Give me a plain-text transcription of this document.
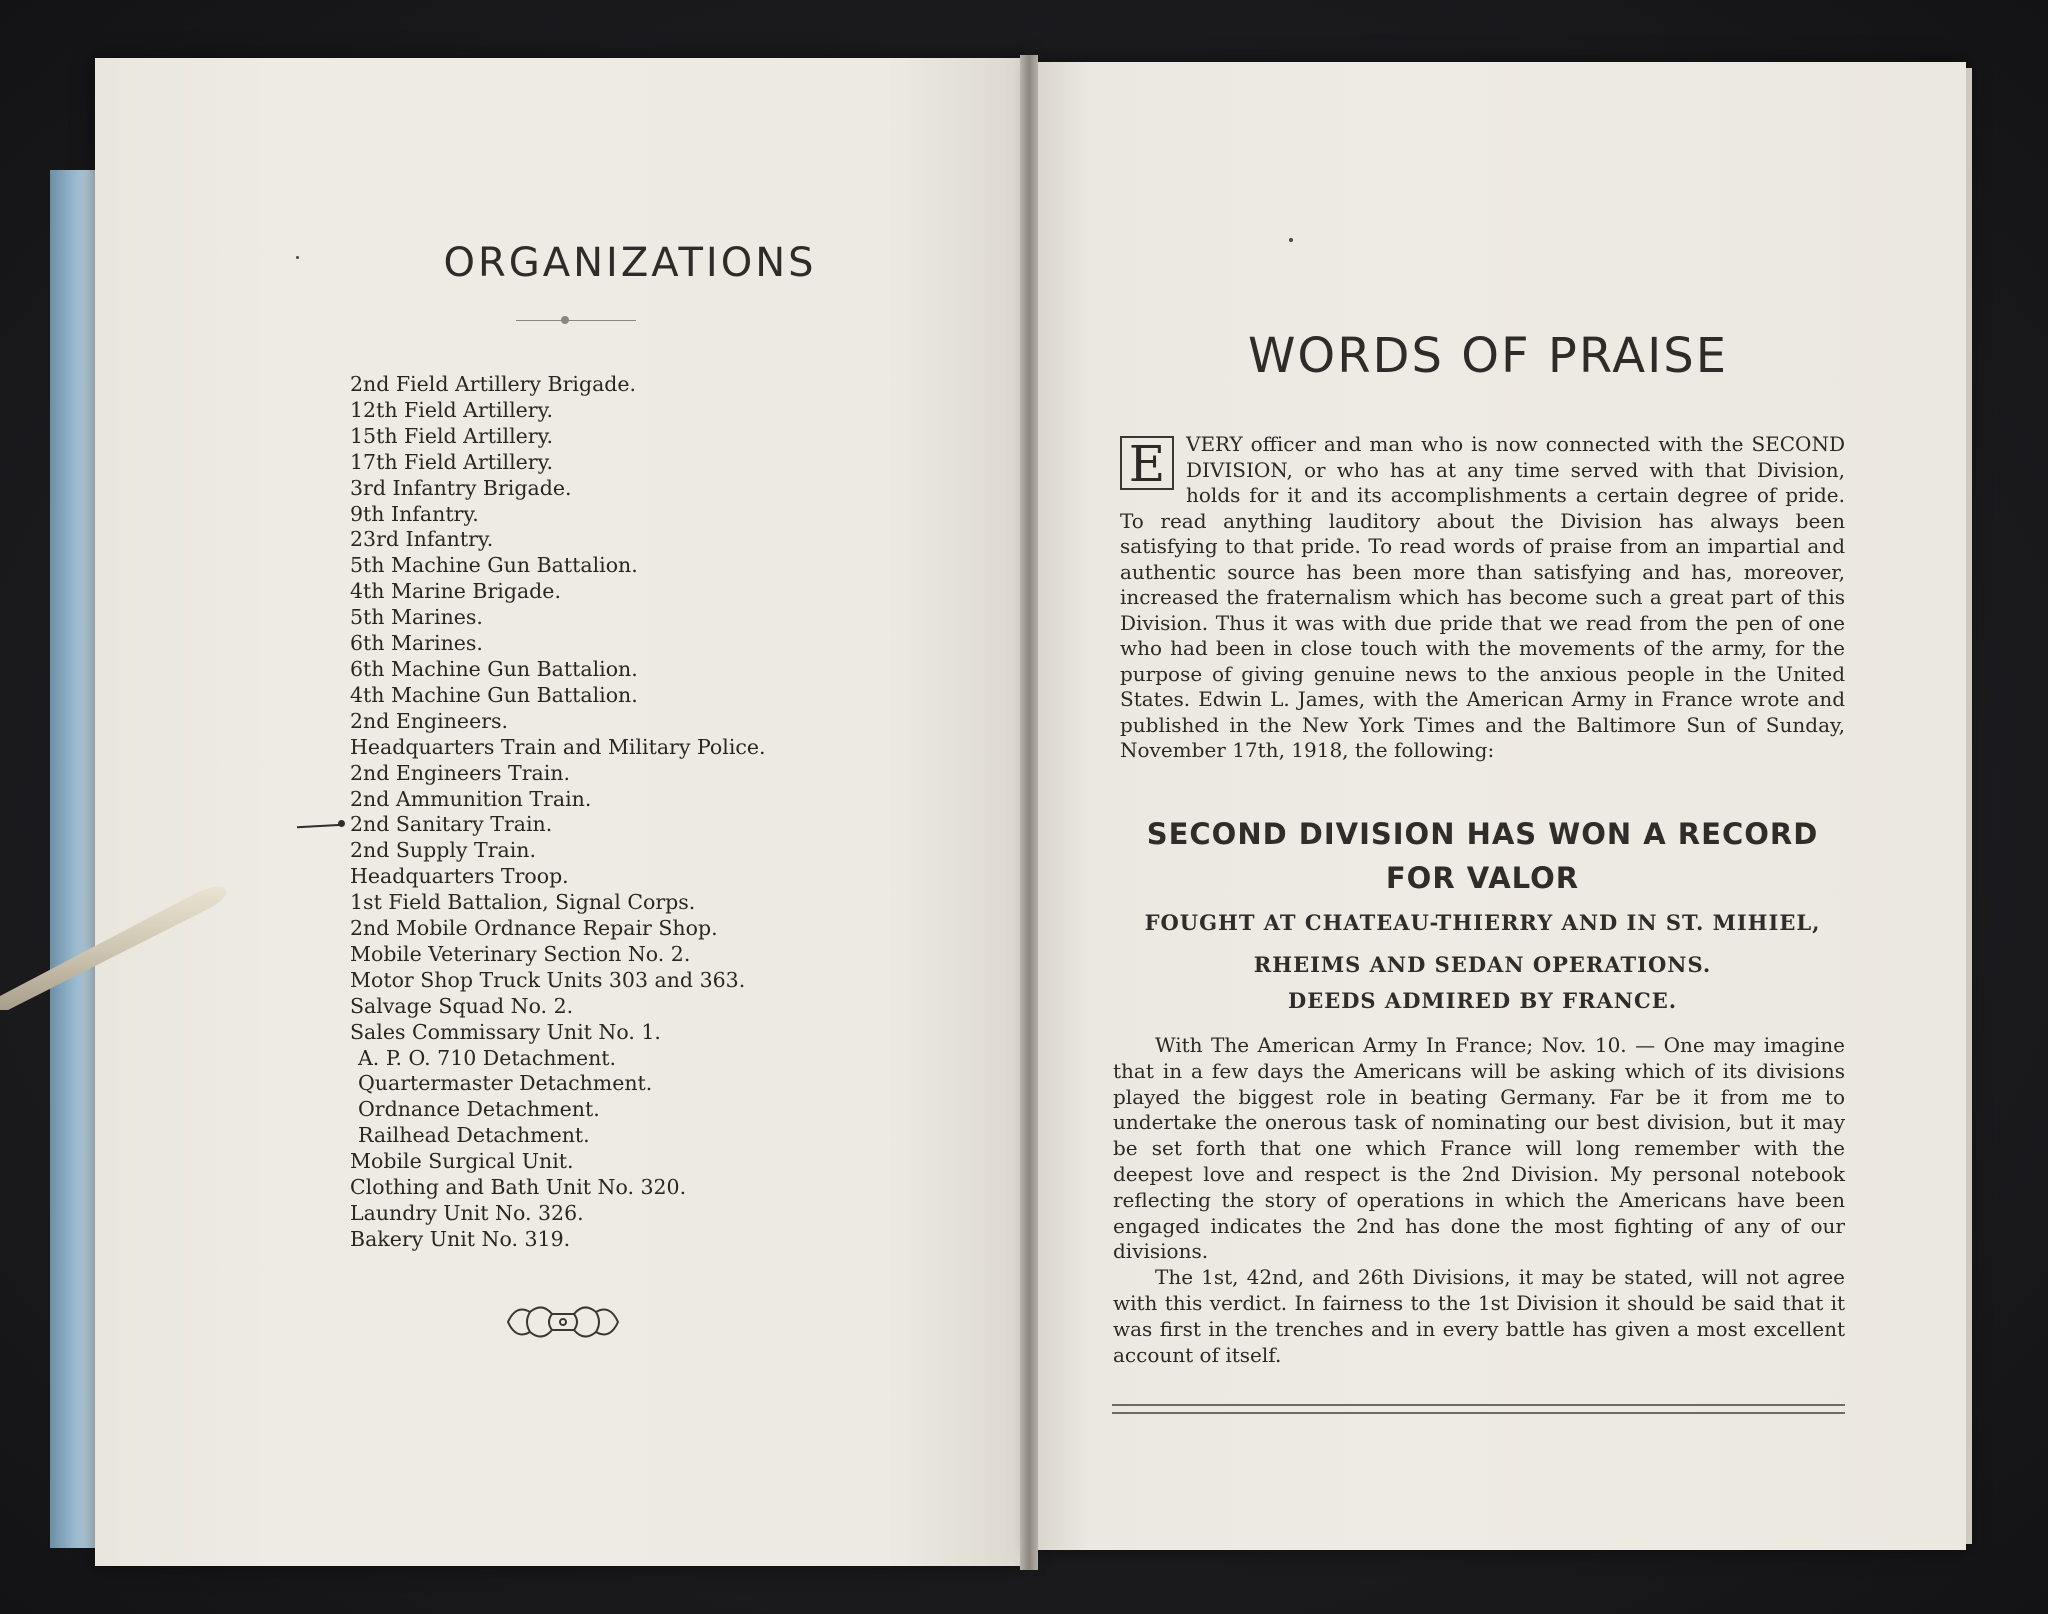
ORGANIZATIONS
2nd Field Artillery Brigade.
12th Field Artillery.
15th Field Artillery.
17th Field Artillery.
3rd Infantry Brigade.
9th Infantry.
23rd Infantry.
5th Machine Gun Battalion.
4th Marine Brigade.
5th Marines.
6th Marines.
6th Machine Gun Battalion.
4th Machine Gun Battalion.
2nd Engineers.
Headquarters Train and Military Police.
2nd Engineers Train.
2nd Ammunition Train.
2nd Sanitary Train.
2nd Supply Train.
Headquarters Troop.
1st Field Battalion, Signal Corps.
2nd Mobile Ordnance Repair Shop.
Mobile Veterinary Section No. 2.
Motor Shop Truck Units 303 and 363.
Salvage Squad No. 2.
Sales Commissary Unit No. 1.
A. P. O. 710 Detachment.
Quartermaster Detachment.
Ordnance Detachment.
Railhead Detachment.
Mobile Surgical Unit.
Clothing and Bath Unit No. 320.
Laundry Unit No. 326.
Bakery Unit No. 319.
WORDS OF PRAISE
E	VERY officer and man who is now connected with the SECOND DIVISION, or who has at any time served with that Division, holds for it and its accomplishments a certain degree of pride. To read anything lauditory about the Division has always been satisfying to that pride. To read words of praise from an impartial and authentic source has been more than satisfying and has, moreover, increased the fraternalism which has become such a great part of this Division. Thus it was with due pride that we read from the pen of one who had been in close touch with the movements of the army, for the purpose of giving genuine news to the anxious people in the United States. Edwin L. James, with the American Army in France wrote and published in the New York Times and the Baltimore Sun of Sunday, November 17th, 1918, the following:
SECOND DIVISION HAS WON A RECORD FOR VALOR
FOUGHT AT CHATEAU-THIERRY AND IN ST. MIHIEL, RHEIMS AND SEDAN OPERATIONS.
DEEDS ADMIRED BY FRANCE.

With The American Army In France; Nov. 10. — One may imagine that in a few days the Americans will be asking which of its divisions played the biggest role in beating Germany. Far be it from me to undertake the onerous task of nominating our best division, but it may be set forth that one which France will long remember with the deepest love and respect is the 2nd Division. My personal notebook reflecting the story of operations in which the Americans have been engaged indicates the 2nd has done the most fighting of any of our divisions.

The 1st, 42nd, and 26th Divisions, it may be stated, will not agree with this verdict. In fairness to the 1st Division it should be said that it was first in the trenches and in every battle has given a most excellent account of itself.
